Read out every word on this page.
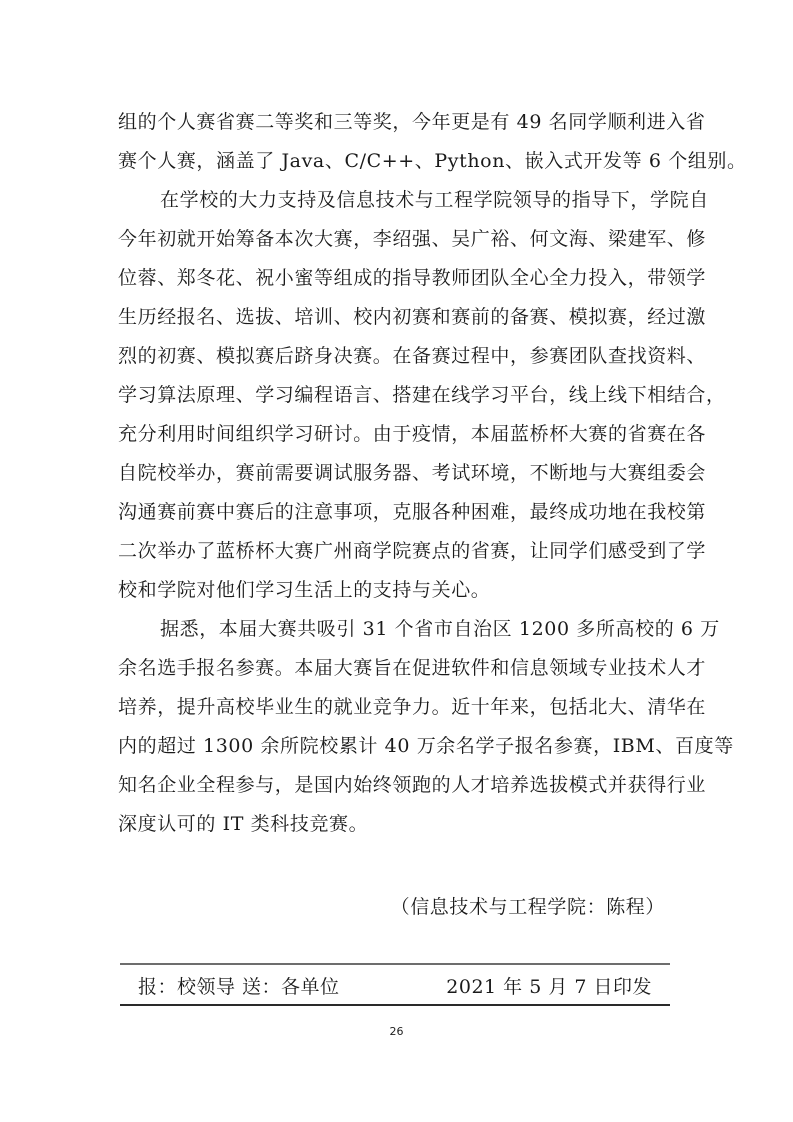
组的个人赛省赛二等奖和三等奖，今年更是有 49 名同学顺利进入省
赛个人赛，涵盖了 Java、C/C++、Python、嵌入式开发等 6 个组别。
在学校的大力支持及信息技术与工程学院领导的指导下，学院自
今年初就开始筹备本次大赛，李绍强、吴广裕、何文海、梁建军、修
位蓉、郑冬花、祝小蜜等组成的指导教师团队全心全力投入，带领学
生历经报名、选拔、培训、校内初赛和赛前的备赛、模拟赛，经过激
烈的初赛、模拟赛后跻身决赛。在备赛过程中，参赛团队查找资料、
学习算法原理、学习编程语言、搭建在线学习平台，线上线下相结合，
充分利用时间组织学习研讨。由于疫情，本届蓝桥杯大赛的省赛在各
自院校举办，赛前需要调试服务器、考试环境，不断地与大赛组委会
沟通赛前赛中赛后的注意事项，克服各种困难，最终成功地在我校第
二次举办了蓝桥杯大赛广州商学院赛点的省赛，让同学们感受到了学
校和学院对他们学习生活上的支持与关心。
据悉，本届大赛共吸引 31 个省市自治区 1200 多所高校的 6 万
余名选手报名参赛。本届大赛旨在促进软件和信息领域专业技术人才
培养，提升高校毕业生的就业竞争力。近十年来，包括北大、清华在
内的超过 1300 余所院校累计 40 万余名学子报名参赛，IBM、百度等
知名企业全程参与，是国内始终领跑的人才培养选拔模式并获得行业
深度认可的 IT 类科技竞赛。
（信息技术与工程学院：陈程）
报：校领导 送：各单位	2021 年 5 月 7 日印发
26
